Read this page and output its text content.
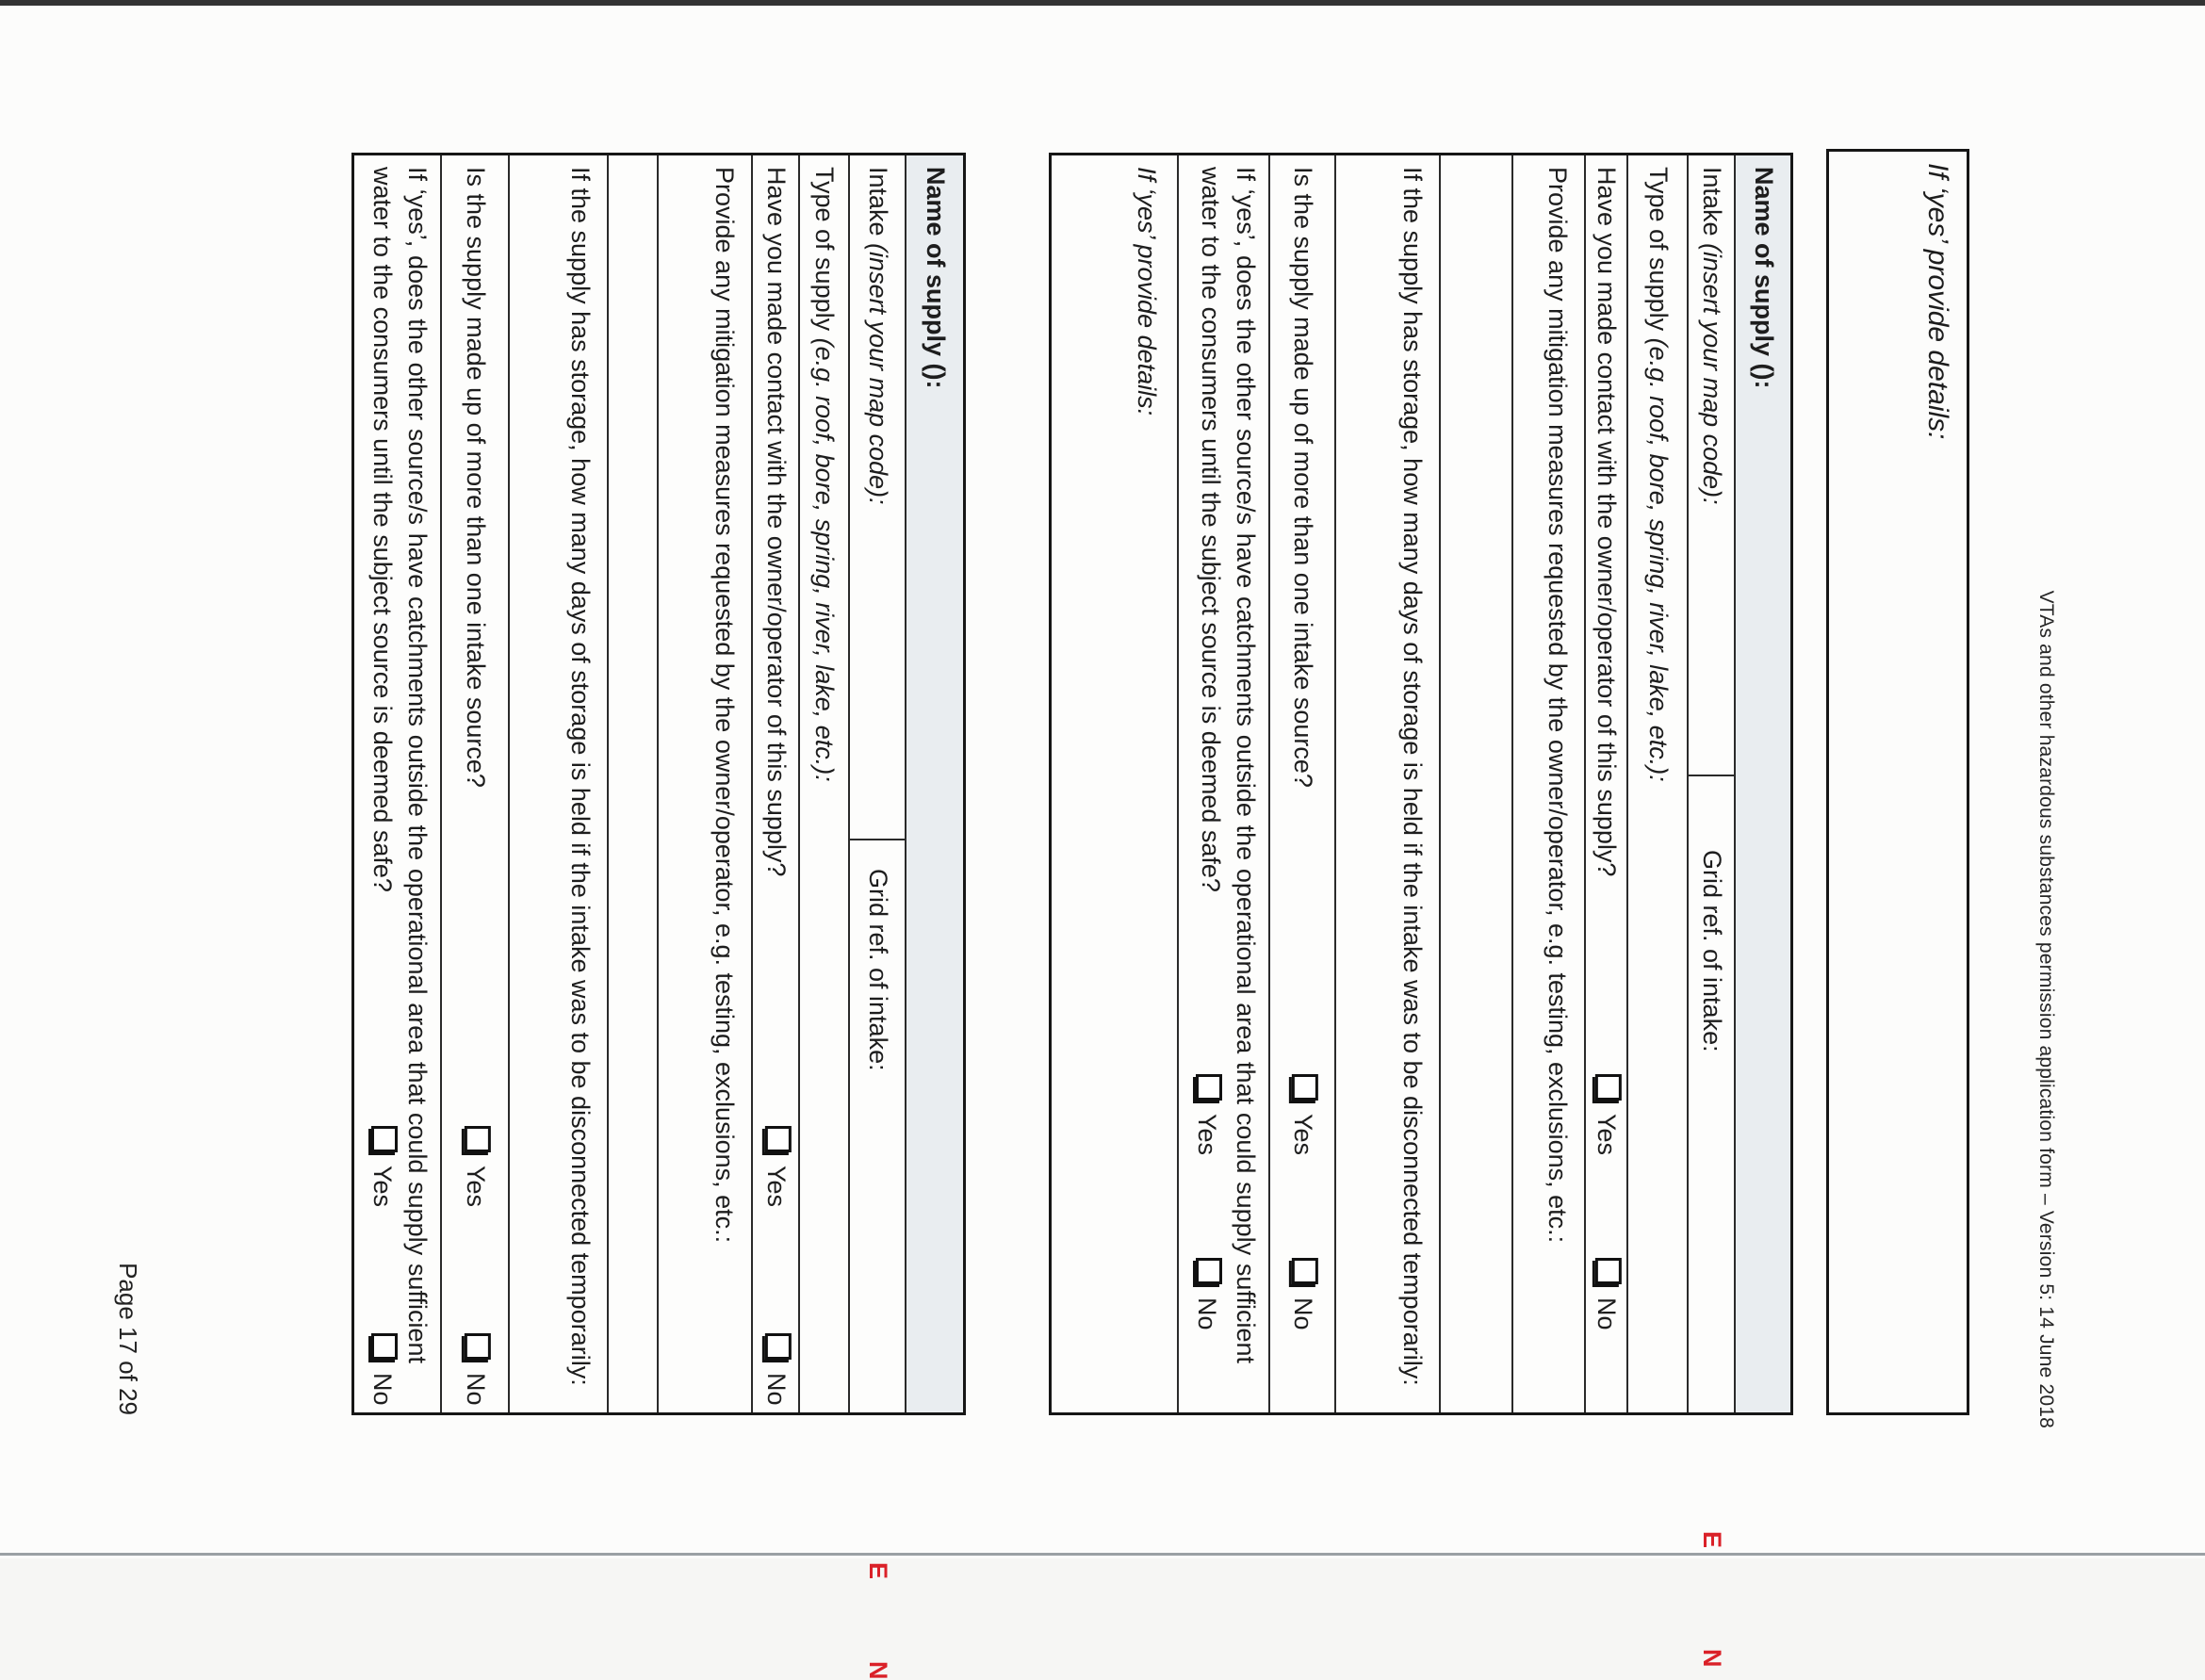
VTAs and other hazardous substances permission application form – Version 5: 14 June 2018
If ‘yes’ provide details:
Name of supply ():
Intake (insert your map code):
Grid ref. of intake:
E
N
Type of supply (e.g. roof, bore, spring, river, lake, etc.):
Have you made contact with the owner/operator of this supply?
Yes
No
Provide any mitigation measures requested by the owner/operator, e.g. testing, exclusions, etc.:
If the supply has storage, how many days of storage is held if the intake was to be disconnected temporarily:
Is the supply made up of more than one intake source?
Yes
No
If ‘yes’, does the other source/s have catchments outside the operational area that could supply sufficient
water to the consumers until the subject source is deemed safe?
Yes
No
If ‘yes’ provide details:
Name of supply ():
Intake (insert your map code):
Grid ref. of intake:
E
N
Type of supply (e.g. roof, bore, spring, river, lake, etc.):
Have you made contact with the owner/operator of this supply?
Yes
No
Provide any mitigation measures requested by the owner/operator, e.g. testing, exclusions, etc.:
If the supply has storage, how many days of storage is held if the intake was to be disconnected temporarily:
Is the supply made up of more than one intake source?
Yes
No
If ‘yes’, does the other source/s have catchments outside the operational area that could supply sufficient
water to the consumers until the subject source is deemed safe?
Yes
No
Page 17 of 29
